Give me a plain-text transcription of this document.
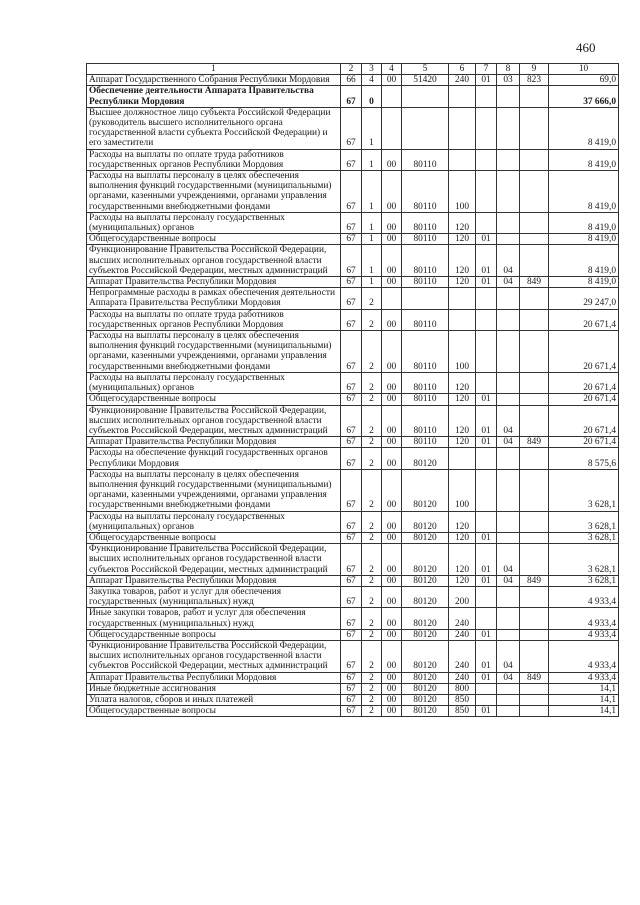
460
1	2	3	4	5	6	7	8	9	10
Аппарат Государственного Собрания Республики Мордовия	66	4	00	51420	240	01	03	823	69,0
Обеспечение деятельности Аппарата Правительства Республики Мордовия	67	0							37 666,0
Высшее должностное лицо субъекта Российской Федерации (руководитель высшего исполнительного органа государственной власти субъекта Российской Федерации) и его заместители	67	1							8 419,0
Расходы на выплаты по оплате труда работников государственных органов Республики Мордовия	67	1	00	80110					8 419,0
Расходы на выплаты персоналу в целях обеспечения выполнения функций государственными (муниципальными) органами, казенными учреждениями, органами управления государственными внебюджетными фондами	67	1	00	80110	100				8 419,0
Расходы на выплаты персоналу государственных (муниципальных) органов	67	1	00	80110	120				8 419,0
Общегосударственные вопросы	67	1	00	80110	120	01			8 419,0
Функционирование Правительства Российской Федерации, высших исполнительных органов государственной власти субъектов Российской Федерации, местных администраций	67	1	00	80110	120	01	04		8 419,0
Аппарат Правительства Республики Мордовия	67	1	00	80110	120	01	04	849	8 419,0
Непрограммные расходы в рамках обеспечения деятельности Аппарата Правительства Республики Мордовия	67	2							29 247,0
Расходы на выплаты по оплате труда работников государственных органов Республики Мордовия	67	2	00	80110					20 671,4
Расходы на выплаты персоналу в целях обеспечения выполнения функций государственными (муниципальными) органами, казенными учреждениями, органами управления государственными внебюджетными фондами	67	2	00	80110	100				20 671,4
Расходы на выплаты персоналу государственных (муниципальных) органов	67	2	00	80110	120				20 671,4
Общегосударственные вопросы	67	2	00	80110	120	01			20 671,4
Функционирование Правительства Российской Федерации, высших исполнительных органов государственной власти субъектов Российской Федерации, местных администраций	67	2	00	80110	120	01	04		20 671,4
Аппарат Правительства Республики Мордовия	67	2	00	80110	120	01	04	849	20 671,4
Расходы на обеспечение функций государственных органов Республики Мордовия	67	2	00	80120					8 575,6
Расходы на выплаты персоналу в целях обеспечения выполнения функций государственными (муниципальными) органами, казенными учреждениями, органами управления государственными внебюджетными фондами	67	2	00	80120	100				3 628,1
Расходы на выплаты персоналу государственных (муниципальных) органов	67	2	00	80120	120				3 628,1
Общегосударственные вопросы	67	2	00	80120	120	01			3 628,1
Функционирование Правительства Российской Федерации, высших исполнительных органов государственной власти субъектов Российской Федерации, местных администраций	67	2	00	80120	120	01	04		3 628,1
Аппарат Правительства Республики Мордовия	67	2	00	80120	120	01	04	849	3 628,1
Закупка товаров, работ и услуг для обеспечения государственных (муниципальных) нужд	67	2	00	80120	200				4 933,4
Иные закупки товаров, работ и услуг для обеспечения государственных (муниципальных) нужд	67	2	00	80120	240				4 933,4
Общегосударственные вопросы	67	2	00	80120	240	01			4 933,4
Функционирование Правительства Российской Федерации, высших исполнительных органов государственной власти субъектов Российской Федерации, местных администраций	67	2	00	80120	240	01	04		4 933,4
Аппарат Правительства Республики Мордовия	67	2	00	80120	240	01	04	849	4 933,4
Иные бюджетные ассигнования	67	2	00	80120	800				14,1
Уплата налогов, сборов и иных платежей	67	2	00	80120	850				14,1
Общегосударственные вопросы	67	2	00	80120	850	01			14,1
